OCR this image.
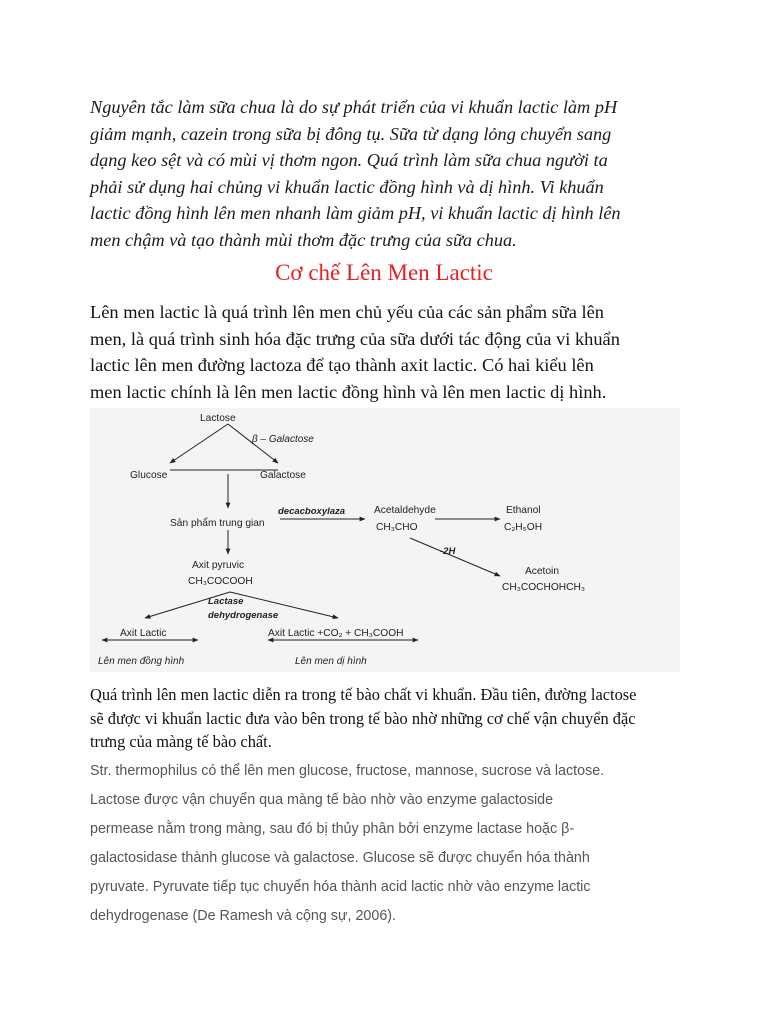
Nguyên tắc làm sữa chua là do sự phát triển của vi khuẩn lactic làm pH

giảm mạnh, cazein trong sữa bị đông tụ. Sữa từ dạng lỏng chuyển sang

dạng keo sệt và có mùi vị thơm ngon. Quá trình làm sữa chua người ta

phải sử dụng hai chủng vi khuẩn lactic đồng hình và dị hình. Vi khuẩn

lactic đồng hình lên men nhanh làm giảm pH, vi khuẩn lactic dị hình lên

men chậm và tạo thành mùi thơm đặc trưng của sữa chua.

Cơ chế Lên Men Lactic

Lên men lactic là quá trình lên men chủ yếu của các sản phẩm sữa lên

men, là quá trình sinh hóa đặc trưng của sữa dưới tác động của vi khuẩn

lactic lên men đường lactoza để tạo thành axit lactic. Có hai kiểu lên

men lactic chính là lên men lactic đồng hình và lên men lactic dị hình.

Lactose
β – Galactose
Glucose	Galactose
Sản phẩm trung gian
decacboxylaza	Acetaldehyde
CH₃CHO
Ethanol
C₂H₅OH
-2H
Acetoin
CH₃COCHOHCH₃
Axit pyruvic
CH₃COCOOH
Lactase
dehydrogenase
Axit Lactic	Axit Lactic +CO₂ + CH₃COOH
Lên men đồng hình	Lên men dị hình

Quá trình lên men lactic diễn ra trong tế bào chất vi khuẩn. Đầu tiên, đường lactose

sẽ được vi khuẩn lactic đưa vào bên trong tế bào nhờ những cơ chế vận chuyển đặc

trưng của màng tế bào chất.

Str. thermophilus có thể lên men glucose, fructose, mannose, sucrose và lactose.

Lactose được vận chuyển qua màng tế bào nhờ vào enzyme galactoside

permease nằm trong màng, sau đó bị thủy phân bởi enzyme lactase hoặc β-

galactosidase thành glucose và galactose. Glucose sẽ được chuyển hóa thành

pyruvate. Pyruvate tiếp tục chuyển hóa thành acid lactic nhờ vào enzyme lactic

dehydrogenase (De Ramesh và cộng sự, 2006).
